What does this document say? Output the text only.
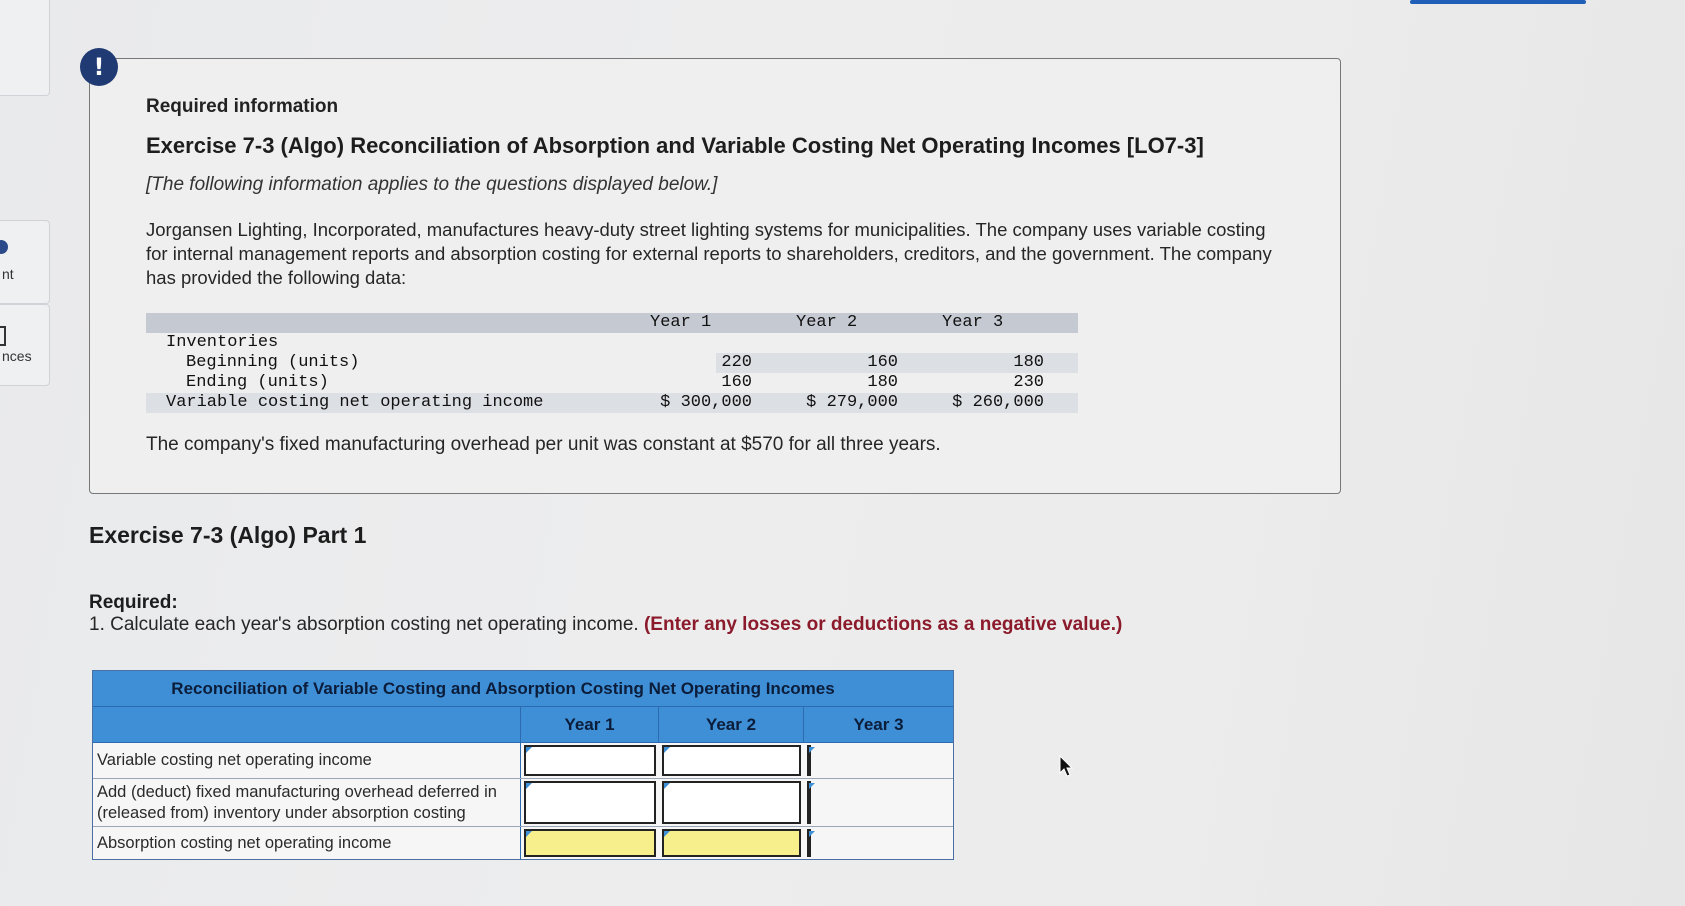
nt
nces
!
Required information
Exercise 7-3 (Algo) Reconciliation of Absorption and Variable Costing Net Operating Incomes [LO7-3]
[The following information applies to the questions displayed below.]
Jorgansen Lighting, Incorporated, manufactures heavy-duty street lighting systems for municipalities. The company uses variable costing for internal management reports and absorption costing for external reports to shareholders, creditors, and the government. The company has provided the following data:
Year 1	Year 2	Year 3
Inventories
Beginning (units)	220	160	180
Ending (units)	160	180	230
Variable costing net operating income	$ 300,000	$ 279,000	$ 260,000
The company's fixed manufacturing overhead per unit was constant at $570 for all three years.
Exercise 7-3 (Algo) Part 1
Required:
1. Calculate each year's absorption costing net operating income. (Enter any losses or deductions as a negative value.)
Reconciliation of Variable Costing and Absorption Costing Net Operating Incomes
Year 1	Year 2	Year 3
Variable costing net operating income
Add (deduct) fixed manufacturing overhead deferred in (released from) inventory under absorption costing
Absorption costing net operating income
